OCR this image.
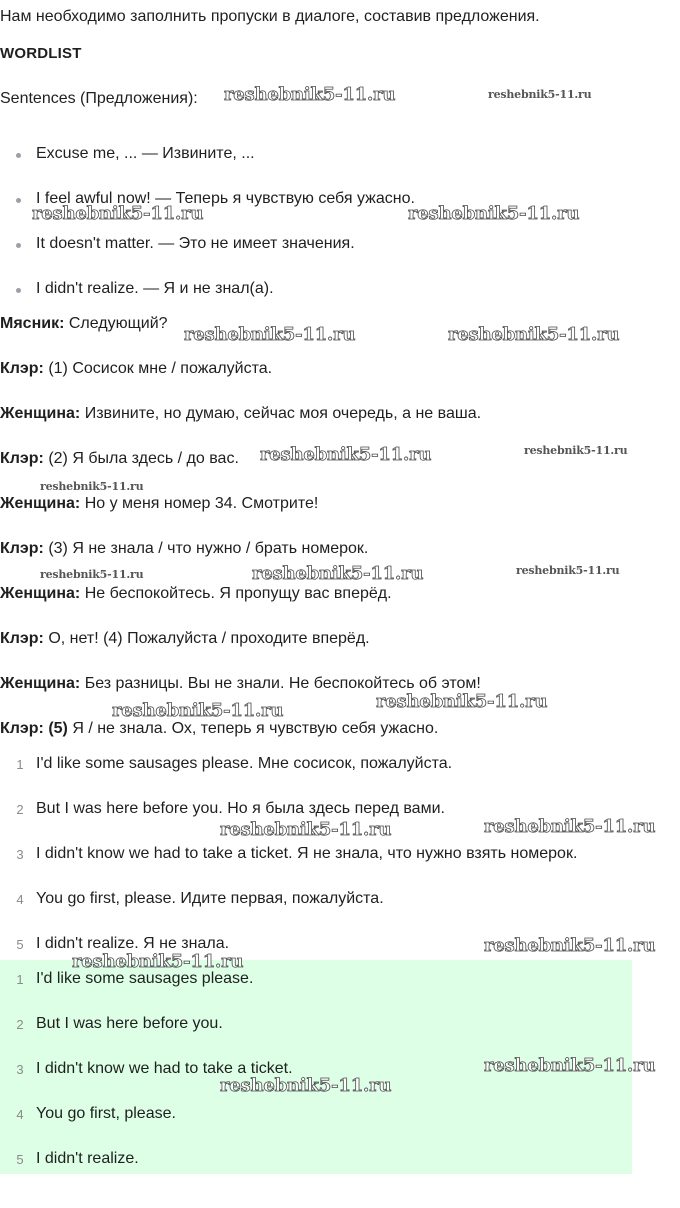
Нам необходимо заполнить пропуски в диалоге, составив предложения.
WORDLIST
Sentences (Предложения):
Excuse me, ... — Извините, ...
I feel awful now! — Теперь я чувствую себя ужасно.
It doesn't matter. — Это не имеет значения.
I didn't realize. — Я и не знал(а).
Мясник: Следующий?
Клэр: (1) Сосисок мне / пожалуйста.
Женщина: Извините, но думаю, сейчас моя очередь, а не ваша.
Клэр: (2) Я была здесь / до вас.
Женщина: Но у меня номер 34. Смотрите!
Клэр: (3) Я не знала / что нужно / брать номерок.
Женщина: Не беспокойтесь. Я пропущу вас вперёд.
Клэр: О, нет! (4) Пожалуйста / проходите вперёд.
Женщина: Без разницы. Вы не знали. Не беспокойтесь об этом!
Клэр: (5) Я / не знала. Ох, теперь я чувствую себя ужасно.
1 I'd like some sausages please. Мне сосисок, пожалуйста.
2 But I was here before you. Но я была здесь перед вами.
3 I didn't know we had to take a ticket. Я не знала, что нужно взять номерок.
4 You go first, please. Идите первая, пожалуйста.
5 I didn't realize. Я не знала.
1 I'd like some sausages please.
2 But I was here before you.
3 I didn't know we had to take a ticket.
4 You go first, please.
5 I didn't realize.
reshebnik5-11.ru	reshebnik5-11.ru
reshebnik5-11.ru	reshebnik5-11.ru
reshebnik5-11.ru	reshebnik5-11.ru
reshebnik5-11.ru	reshebnik5-11.ru
reshebnik5-11.ru
reshebnik5-11.ru	reshebnik5-11.ru	reshebnik5-11.ru
reshebnik5-11.ru
reshebnik5-11.ru
reshebnik5-11.ru	reshebnik5-11.ru
reshebnik5-11.ru
reshebnik5-11.ru
reshebnik5-11.ru
reshebnik5-11.ru
